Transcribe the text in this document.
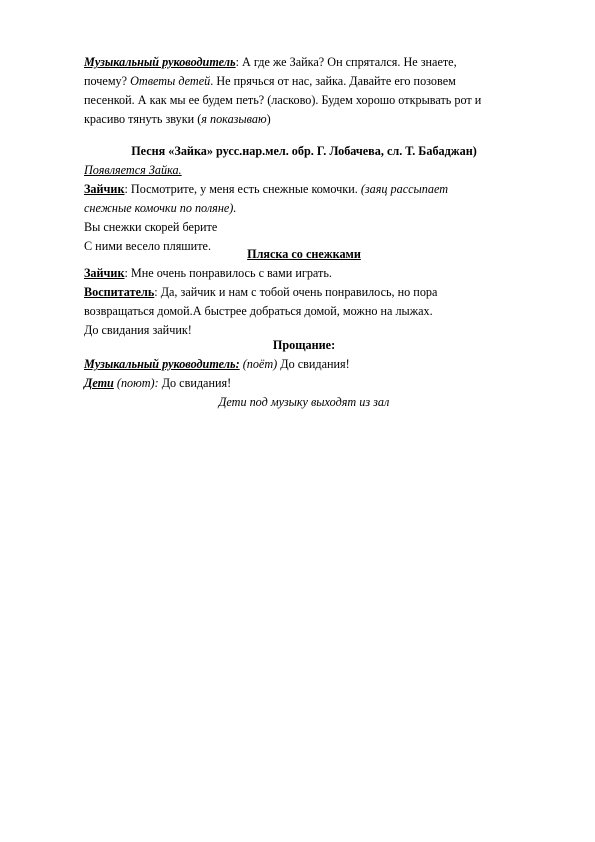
Музыкальный руководитель: А где же Зайка? Он спрятался. Не знаете,
почему? Ответы детей. Не прячься от нас, зайка. Давайте его позовем
песенкой. А как мы ее будем петь? (ласково). Будем хорошо открывать рот и
красиво тянуть звуки (я показываю)
Песня «Зайка» русс.нар.мел. обр. Г. Лобачева, сл. Т. Бабаджан)
Появляется Зайка.
Зайчик: Посмотрите, у меня есть снежные комочки. (заяц рассыпает
снежные комочки по поляне).
Вы снежки скорей берите
С ними весело пляшите.
Пляска со снежками
Зайчик: Мне очень понравилось с вами играть.
Воспитатель: Да, зайчик и нам с тобой очень понравилось, но пора
возвращаться домой.А быстрее добраться домой, можно на лыжах.
До свидания зайчик!
Прощание:
Музыкальный руководитель: (поёт) До свидания!
Дети (поют): До свидания!
Дети под музыку выходят из зал
